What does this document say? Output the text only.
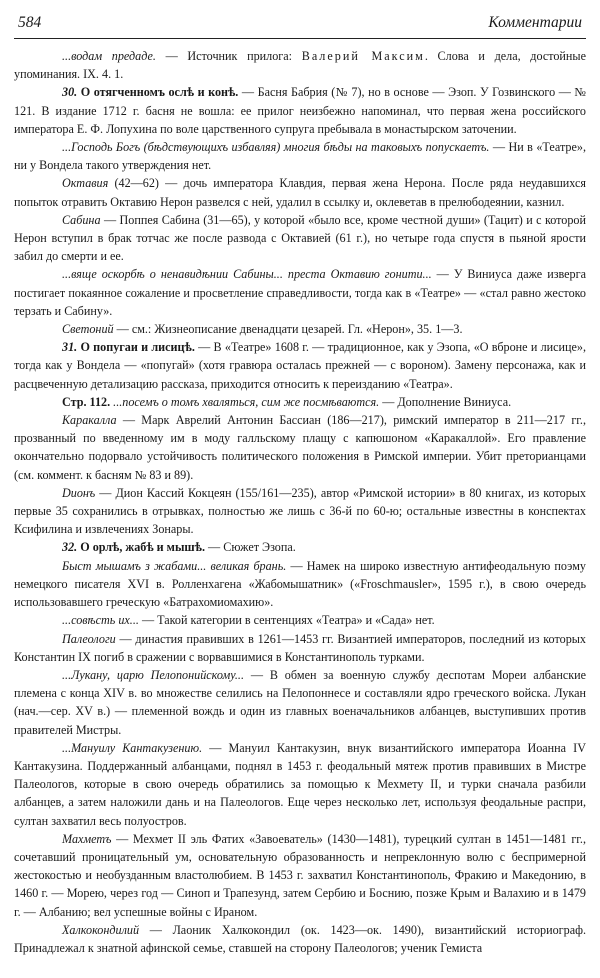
584	Комментарии

...водам предаде. — Источник прилога: Валерий Максим. Слова и дела, достойные упоминания. IX. 4. 1.

30. О отягченномъ ослѣ и конѣ. — Басня Бабрия (№ 7), но в основе — Эзоп. У Гозвинского — № 121. В издание 1712 г. басня не вошла: ее прилог неизбежно напоминал, что первая жена российского императора Е. Ф. Лопухина по воле царственного супруга пребывала в монастырском заточении.

...Господь Богъ (бѣдствующихъ избавляя) многия бѣды на таковыхъ попускаетъ. — Ни в «Театре», ни у Вондела такого утверждения нет.

Октавия (42—62) — дочь императора Клавдия, первая жена Нерона. После ряда неудавшихся попыток отравить Октавию Нерон развелся с ней, удалил в ссылку и, оклеветав в прелюбодеянии, казнил.

Сабина — Поппея Сабина (31—65), у которой «было все, кроме честной души» (Тацит) и с которой Нерон вступил в брак тотчас же после развода с Октавией (61 г.), но четыре года спустя в пьяной ярости забил до смерти и ее.

...вяще оскорбѣ о ненавидѣнии Сабины... преста Октавию гонити... — У Виниуса даже изверга постигает покаянное сожаление и просветление справедливости, тогда как в «Театре» — «стал равно жестоко терзать и Сабину».

Светоний — см.: Жизнеописание двенадцати цезарей. Гл. «Нерон», 35. 1—3.

31. О попугаи и лисицѣ. — В «Театре» 1608 г. — традиционное, как у Эзопа, «О вброне и лисице», тогда как у Вондела — «попугай» (хотя гравюра осталась прежней — с вороном). Замену персонажа, как и расцвеченную детализацию рассказа, приходится относить к переизданию «Театра».

Стр. 112. ...посемъ о томъ хваляться, сим же посмѣваются. — Дополнение Виниуса.

Каракалла — Марк Аврелий Антонин Бассиан (186—217), римский император в 211—217 гг., прозванный по введенному им в моду галльскому плащу с капюшоном «Каракаллой». Его правление окончательно подорвало устойчивость политического положения в Римской империи. Убит преторианцами (см. коммент. к басням № 83 и 89).

Dионъ — Дион Кассий Кокцеян (155/161—235), автор «Римской истории» в 80 книгах, из которых первые 35 сохранились в отрывках, полностью же лишь с 36-й по 60-ю; остальные известны в конспектах Ксифилина и извлечениях Зонары.

32. О орлѣ, жабѣ и мышѣ. — Сюжет Эзопа.

Быст мышамъ з жабами... великая брань. — Намек на широко известную антифеодальную поэму немецкого писателя XVI в. Ролленхагена «Жабомышатник» («Froschmausler», 1595 г.), в свою очередь использовавшего греческую «Батрахомиомахию».

...совѣсть их... — Такой категории в сентенциях «Театра» и «Сада» нет.

Палеологи — династия правивших в 1261—1453 гг. Византией императоров, последний из которых Константин IX погиб в сражении с ворвавшимися в Константинополь турками.

...Лукану, царю Пелопонийскому... — В обмен за военную службу деспотам Мореи албанские племена с конца XIV в. во множестве селились на Пелопоннесе и составляли ядро греческого войска. Лукан (нач.—сер. XV в.) — племенной вождь и один из главных военачальников албанцев, выступивших против правителей Мистры.

...Мануилу Кантакузению. — Мануил Кантакузин, внук византийского императора Иоанна IV Кантакузина. Поддержанный албанцами, поднял в 1453 г. феодальный мятеж против правивших в Мистре Палеологов, которые в свою очередь обратились за помощью к Мехмету II, и турки сначала разбили албанцев, а затем наложили дань и на Палеологов. Еще через несколько лет, используя феодальные распри, султан захватил весь полуостров.

Махметъ — Мехмет II эль Фатих «Завоеватель» (1430—1481), турецкий султан в 1451—1481 гг., сочетавший проницательный ум, основательную образованность и непреклонную волю с беспримерной жестокостью и необузданным властолюбием. В 1453 г. захватил Константинополь, Фракию и Македонию, в 1460 г. — Морею, через год — Синоп и Трапезунд, затем Сербию и Боснию, позже Крым и Валахию и в 1479 г. — Албанию; вел успешные войны с Ираном.

Халкокондилий — Лаоник Халкокондил (ок. 1423—ок. 1490), византийский историограф. Принадлежал к знатной афинской семье, ставшей на сторону Палеологов; ученик Гемиста
